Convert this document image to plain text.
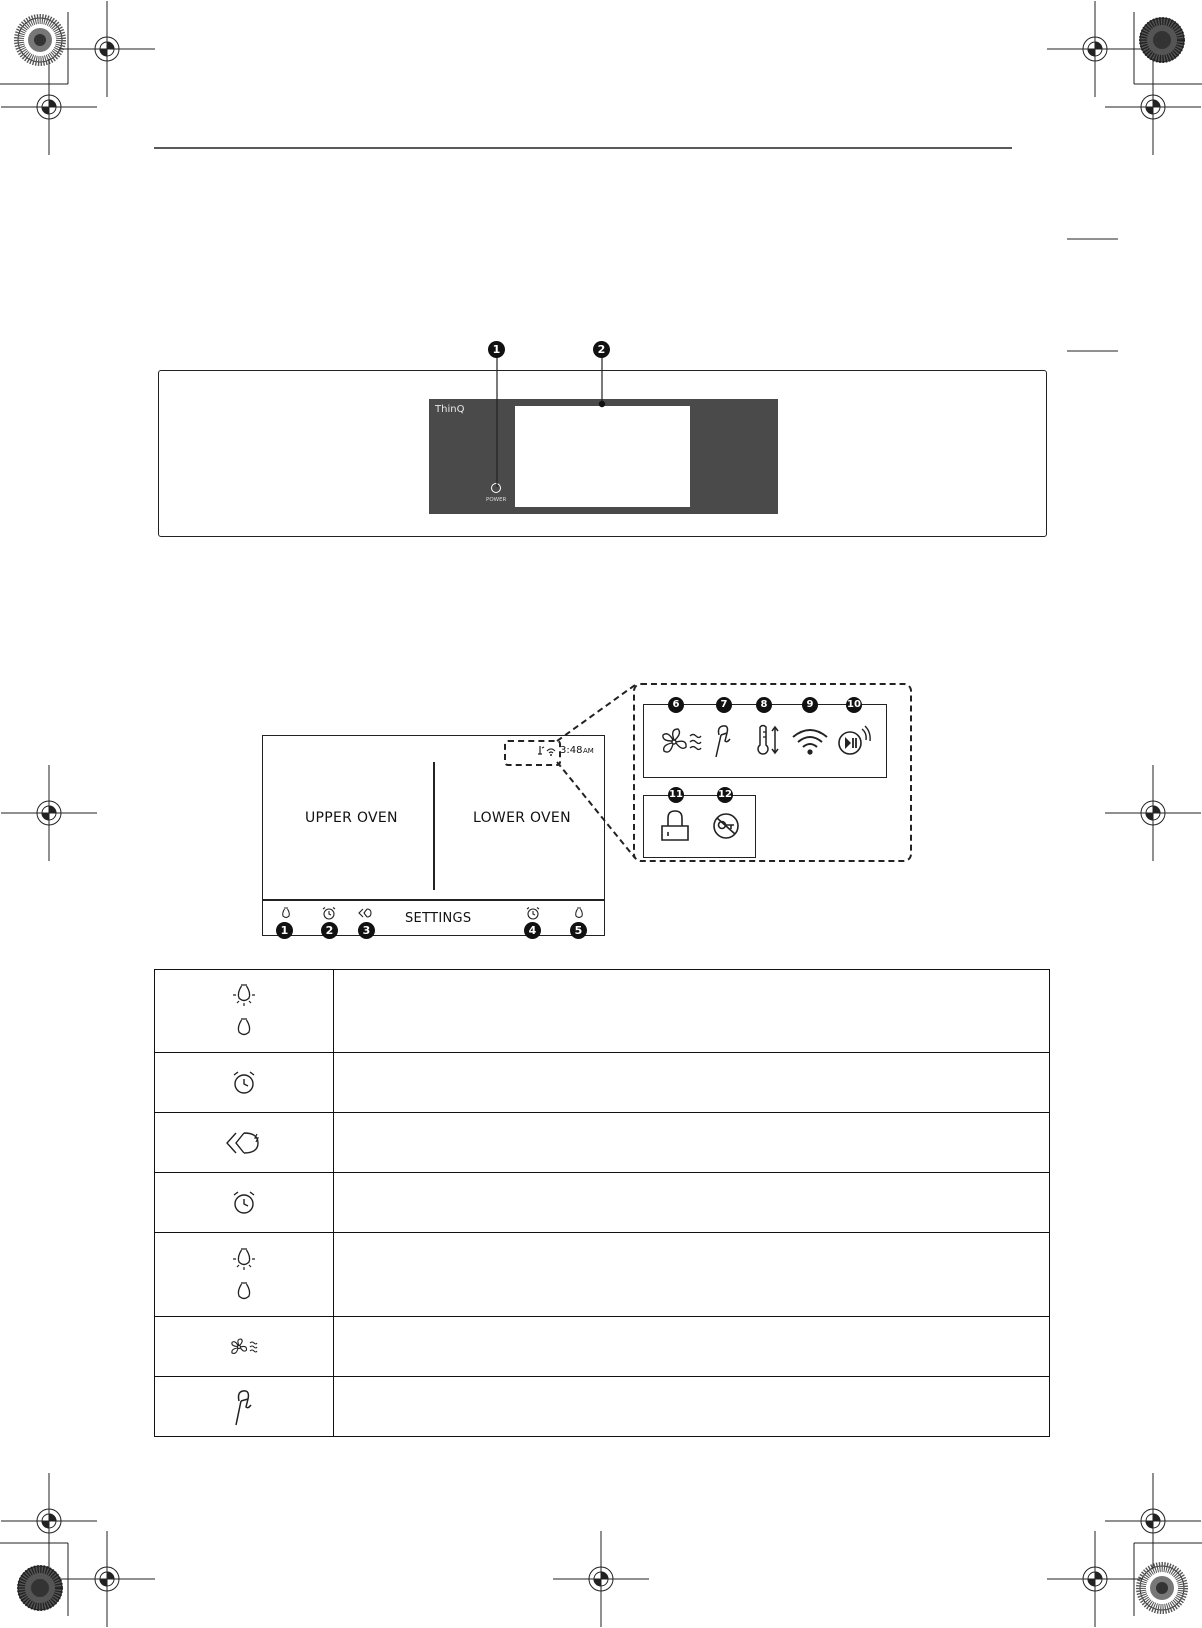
ThinQ
POWER
1	2
UPPER OVEN	LOWER OVEN
SETTINGS
3:48 AM
1	2	3	4	5
6	7	8	9	10
11	12
